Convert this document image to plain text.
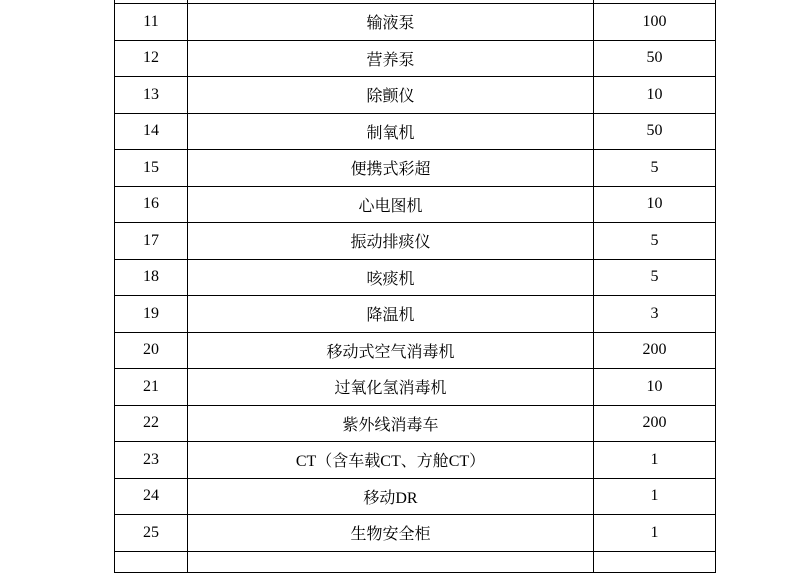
11	输液泵	100
12	营养泵	50
13	除颤仪	10
14	制氧机	50
15	便携式彩超	5
16	心电图机	10
17	振动排痰仪	5
18	咳痰机	5
19	降温机	3
20	移动式空气消毒机	200
21	过氧化氢消毒机	10
22	紫外线消毒车	200
23	CT（含车载CT、方舱CT）	1
24	移动DR	1
25	生物安全柜	1
